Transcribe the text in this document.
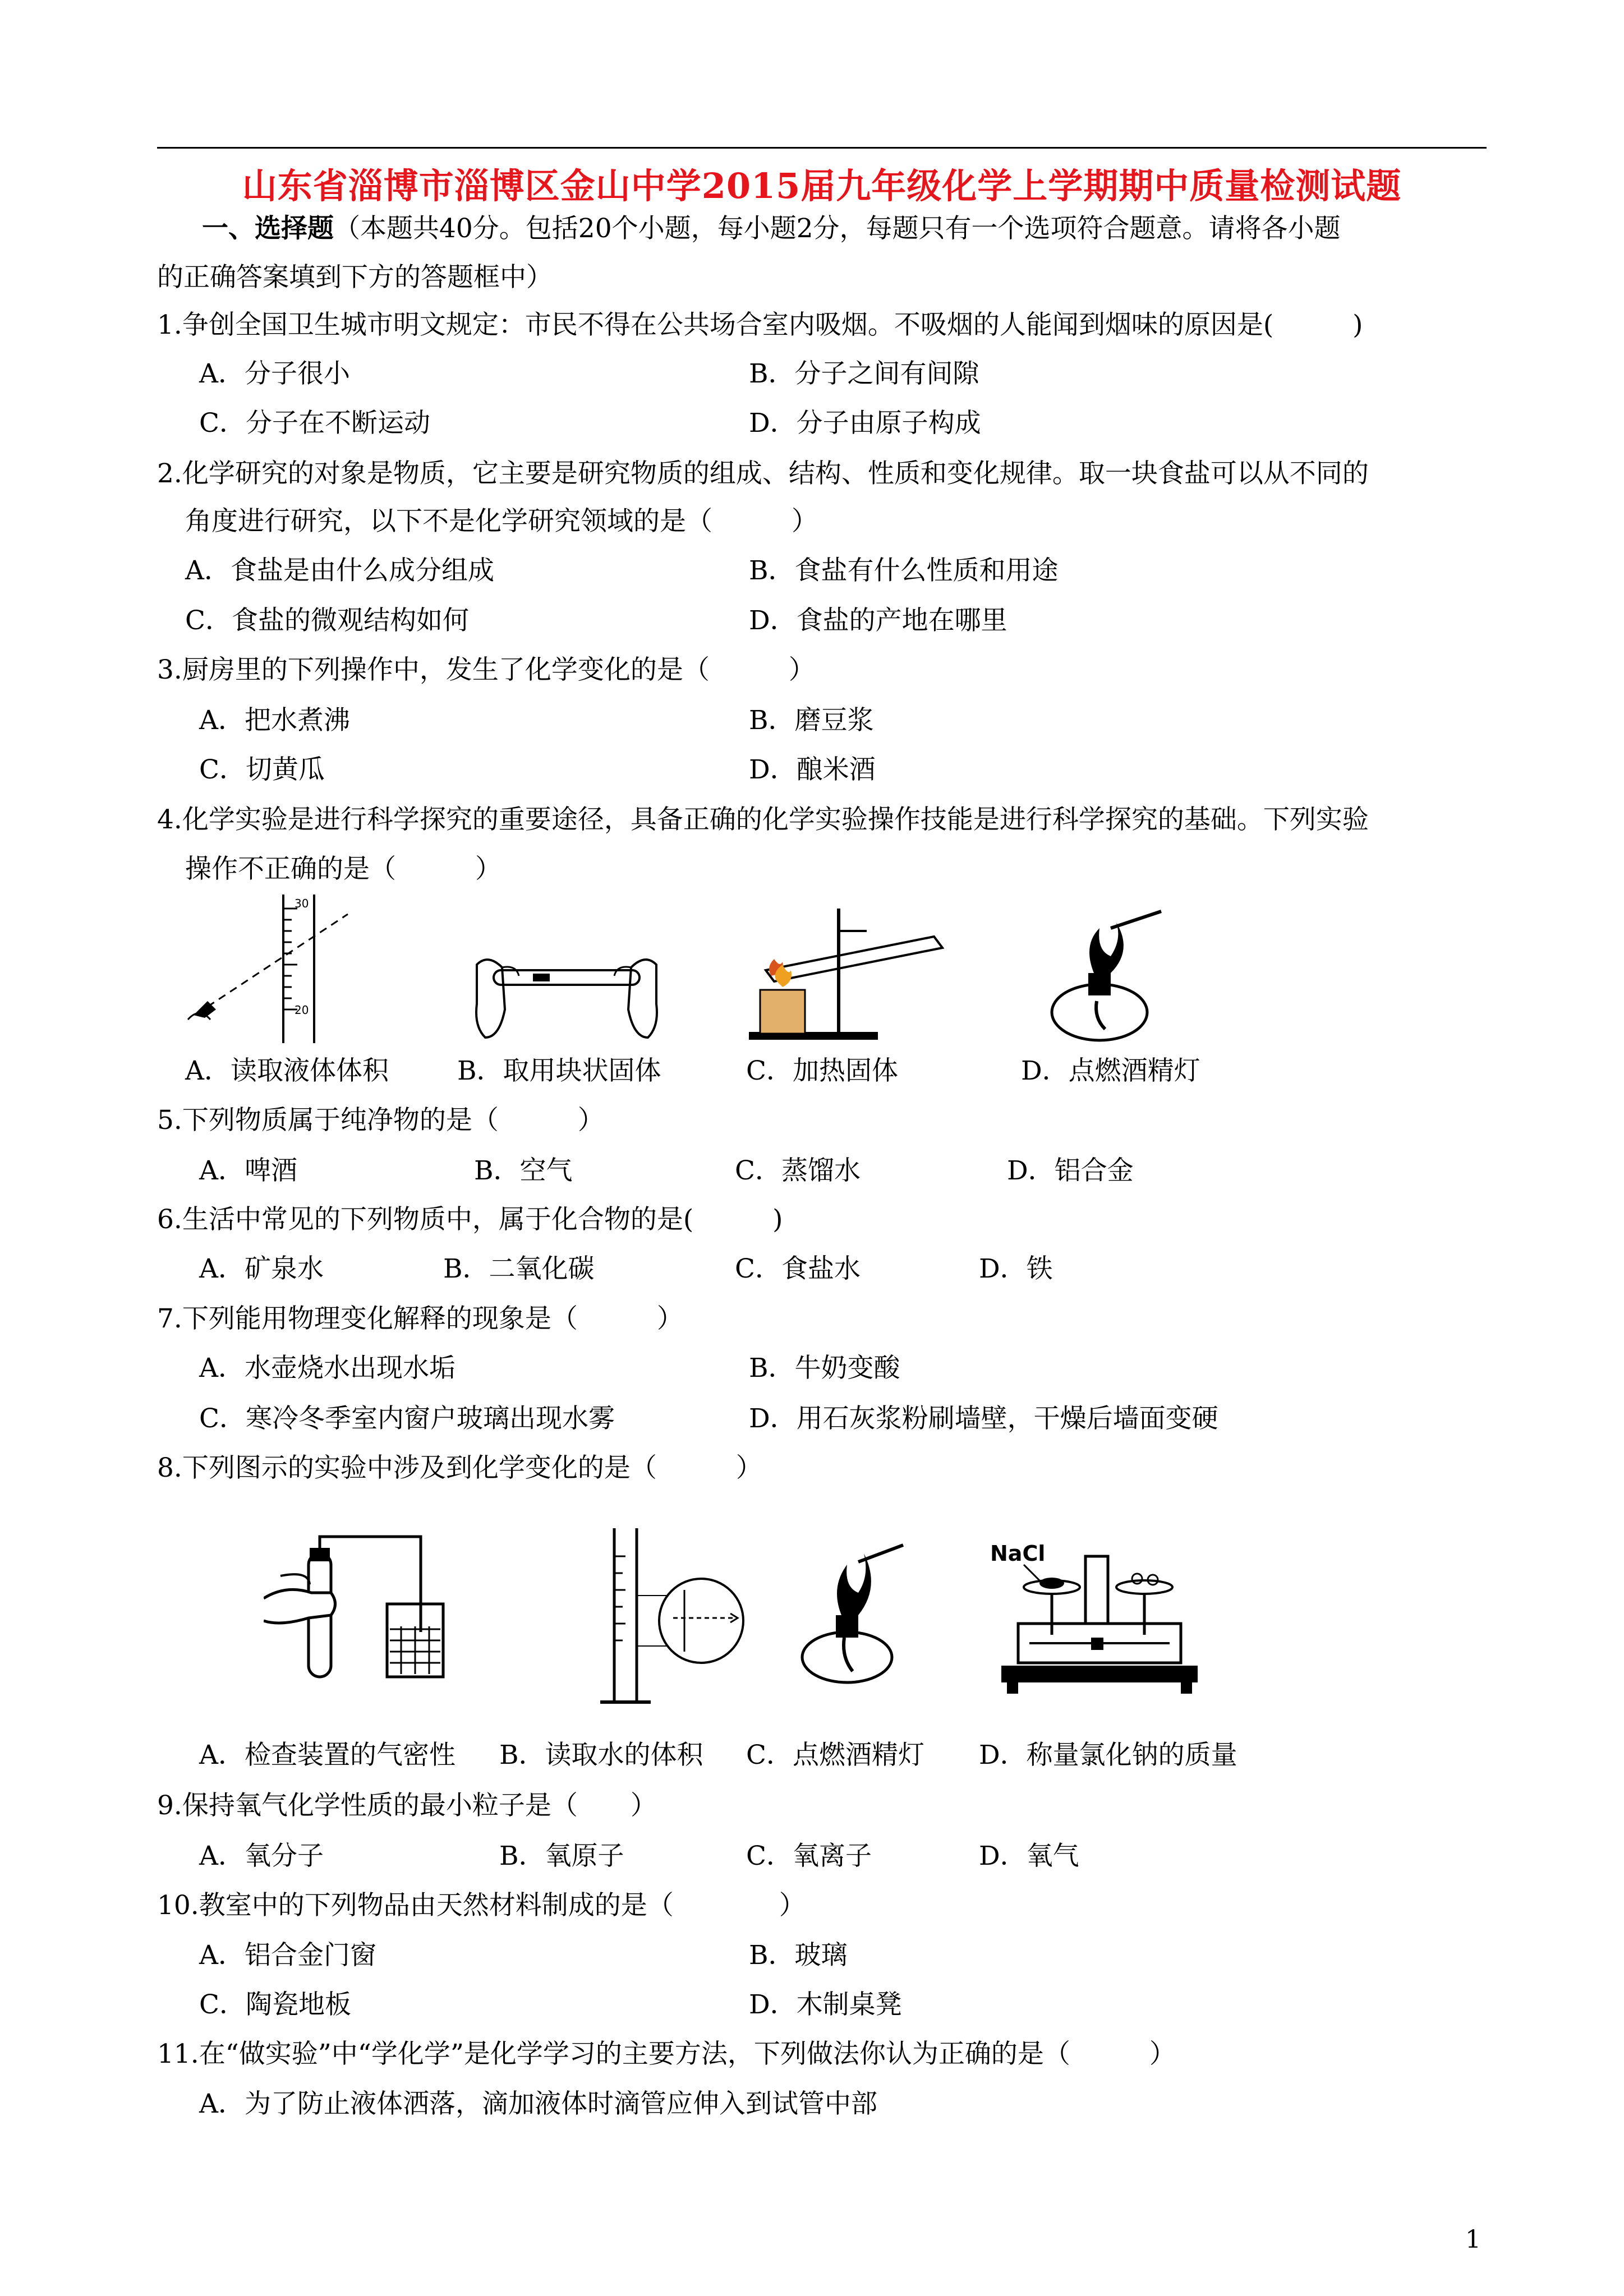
山东省淄博市淄博区金山中学2015届九年级化学上学期期中质量检测试题
一、选择题（本题共40分。包括20个小题，每小题2分，每题只有一个选项符合题意。请将各小题
的正确答案填到下方的答题框中）
1.争创全国卫生城市明文规定：市民不得在公共场合室内吸烟。不吸烟的人能闻到烟味的原因是(　　　)
A．分子很小	B．分子之间有间隙
C．分子在不断运动	D．分子由原子构成
2.化学研究的对象是物质，它主要是研究物质的组成、结构、性质和变化规律。取一块食盐可以从不同的
角度进行研究，以下不是化学研究领域的是（　　　）
A．食盐是由什么成分组成	B．食盐有什么性质和用途
C．食盐的微观结构如何	D．食盐的产地在哪里
3.厨房里的下列操作中，发生了化学变化的是（　　　）
A．把水煮沸	B．磨豆浆
C．切黄瓜	D．酿米酒
4.化学实验是进行科学探究的重要途径，具备正确的化学实验操作技能是进行科学探究的基础。下列实验
操作不正确的是（　　　）
30
20
A．读取液体体积	B．取用块状固体	C．加热固体	D．点燃酒精灯
5.下列物质属于纯净物的是（　　　）
A．啤酒	B．空气	C．蒸馏水	D．铝合金
6.生活中常见的下列物质中，属于化合物的是(　　　)
A．矿泉水	B．二氧化碳	C．食盐水	D．铁
7.下列能用物理变化解释的现象是（　　　）
A．水壶烧水出现水垢	B．牛奶变酸
C．寒冷冬季室内窗户玻璃出现水雾	D．用石灰浆粉刷墙壁，干燥后墙面变硬
8.下列图示的实验中涉及到化学变化的是（　　　）
NaCl
A．检查装置的气密性 B．读取水的体积 C．点燃酒精灯 D．称量氯化钠的质量
9.保持氧气化学性质的最小粒子是（　　）
A．氧分子	B．氧原子	C．氧离子	D．氧气
10.教室中的下列物品由天然材料制成的是（　　　　）
A．铝合金门窗	B．玻璃
C．陶瓷地板	D．木制桌凳
11.在“做实验”中“学化学”是化学学习的主要方法，下列做法你认为正确的是（　　　）
A．为了防止液体洒落，滴加液体时滴管应伸入到试管中部
1
